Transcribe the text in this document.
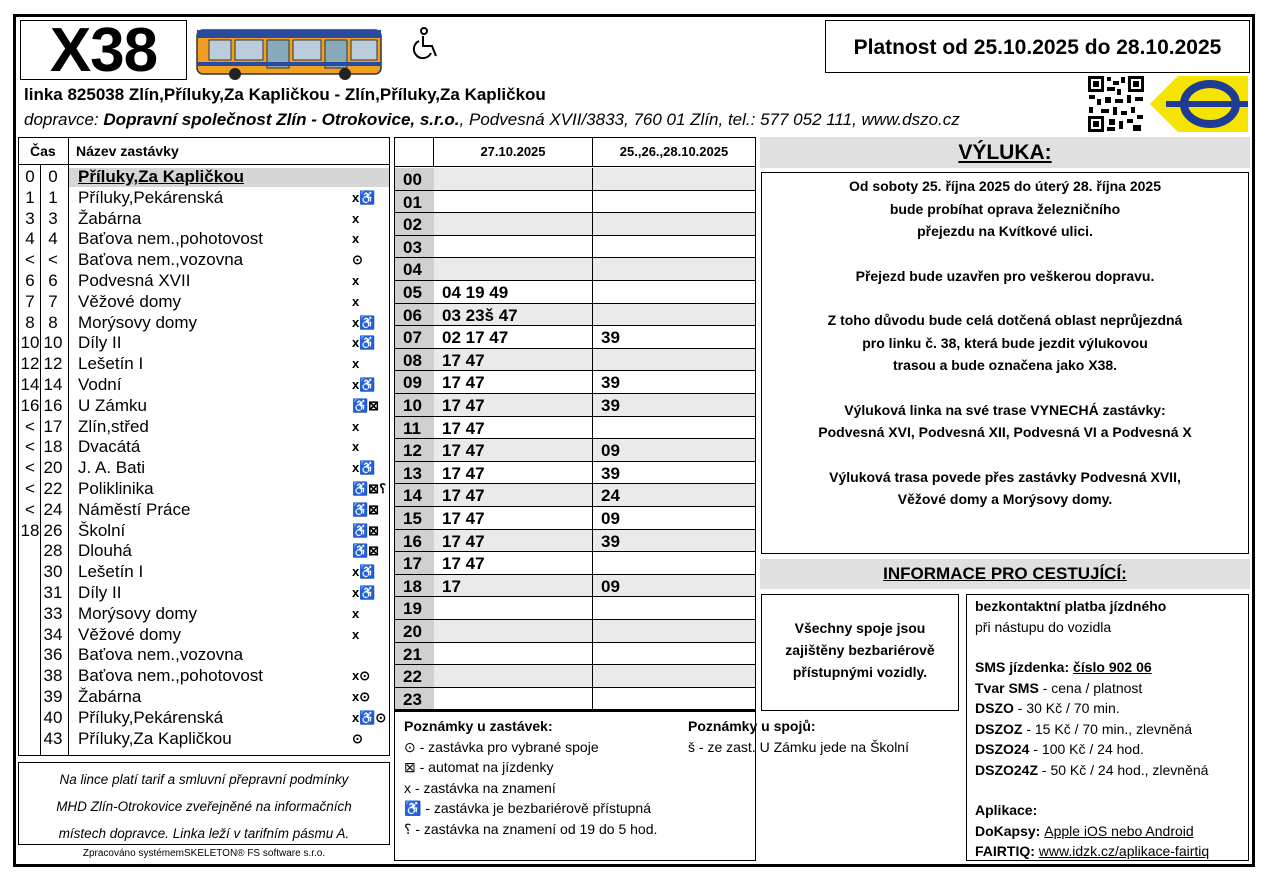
X38	Platnost od 25.10.2025 do 28.10.2025
linka 825038 Zlín,Příluky,Za Kapličkou - Zlín,Příluky,Za Kapličkou
dopravce: Dopravní společnost Zlín - Otrokovice, s.r.o., Podvesná XVII/3833, 760 01 Zlín, tel.: 577 052 111, www.dszo.cz
Čas Název zastávky
0 0	Příluky,Za Kapličkou
1 1	Příluky,Pekárenská	x♿
3 3	Žabárna	x
4 4	Baťova nem.,pohotovost	x
< <	Baťova nem.,vozovna	⊙
6 6	Podvesná XVII	x
7 7	Věžové domy	x
8 8	Morýsovy domy	x♿
10 10 Díly II	x♿
12 12 Lešetín I	x
14 14 Vodní	x♿
16 16 U Zámku	♿⊠
< 17 Zlín,střed	x
< 18 Dvacátá	x
< 20 J. A. Bati	x♿
< 22 Poliklinika	♿⊠⸮
< 24 Náměstí Práce	♿⊠
18 26 Školní	♿⊠
28 Dlouhá	♿⊠
30 Lešetín I	x♿
31 Díly II	x♿
33 Morýsovy domy	x
34 Věžové domy	x
36 Baťova nem.,vozovna
38 Baťova nem.,pohotovost	x⊙
39 Žabárna	x⊙
40 Příluky,Pekárenská	x♿⊙
43 Příluky,Za Kapličkou	⊙
Na lince platí tarif a smluvní přepravní podmínky
MHD Zlín-Otrokovice zveřejněné na informačních
místech dopravce. Linka leží v tarifním pásmu A.
Zpracováno systémemSKELETON® FS software s.r.o.
27.10.2025	25.,26.,28.10.2025
00
01
02
03
04
05	04 19 49
06	03 23š 47
07	02 17 47	39
08	17 47
09	17 47	39
10	17 47	39
11	17 47
12	17 47	09
13	17 47	39
14	17 47	24
15	17 47	09
16	17 47	39
17	17 47
18	17	09
19
20
21
22
23
Poznámky u zastávek:
⊙ - zastávka pro vybrané spoje
⊠ - automat na jízdenky
x - zastávka na znamení
♿ - zastávka je bezbariérově přístupná
⸮ - zastávka na znamení od 19 do 5 hod.
Poznámky u spojů:
š - ze zast. U Zámku jede na Školní
VÝLUKA:
Od soboty 25. října 2025 do úterý 28. října 2025
bude probíhat oprava železničního
přejezdu na Kvítkové ulici.
Přejezd bude uzavřen pro veškerou dopravu.
Z toho důvodu bude celá dotčená oblast neprůjezdná
pro linku č. 38, která bude jezdit výlukovou
trasou a bude označena jako X38.
Výluková linka na své trase VYNECHÁ zastávky:
Podvesná XVI, Podvesná XII, Podvesná VI a Podvesná X
Výluková trasa povede přes zastávky Podvesná XVII,
Věžové domy a Morýsovy domy.
INFORMACE PRO CESTUJÍCÍ:
Všechny spoje jsou
zajištěny bezbariérově
přístupnými vozidly.
bezkontaktní platba jízdného
při nástupu do vozidla
SMS jízdenka: číslo 902 06
Tvar SMS - cena / platnost
DSZO - 30 Kč / 70 min.
DSZOZ - 15 Kč / 70 min., zlevněná
DSZO24 - 100 Kč / 24 hod.
DSZO24Z - 50 Kč / 24 hod., zlevněná
Aplikace:
DoKapsy: Apple iOS nebo Android
FAIRTIQ: www.idzk.cz/aplikace-fairtiq
